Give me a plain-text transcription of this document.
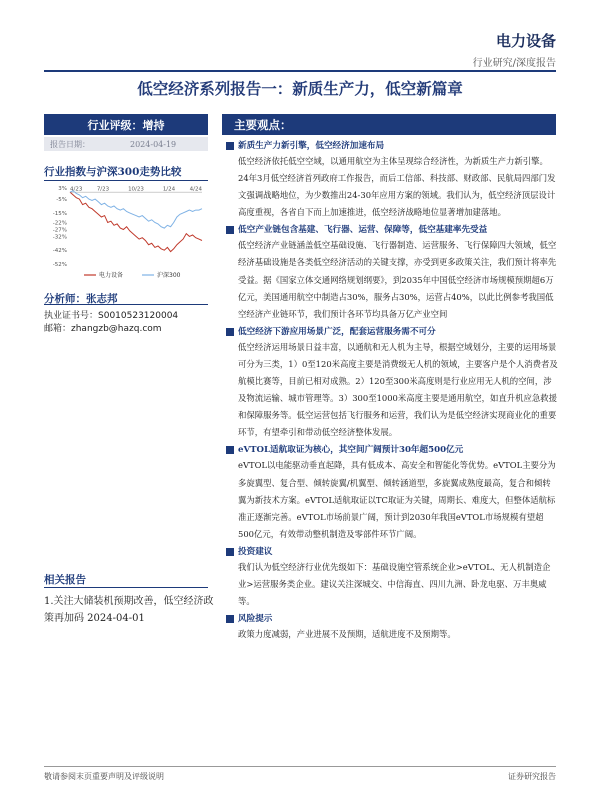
电力设备
行业研究/深度报告
低空经济系列报告一：新质生产力，低空新篇章
行业评级：增持
报告日期：	2024-04-19
行业指数与沪深300走势比较
3%
-5%
-15%
-22%
-27%
-32%
-42%
-52%
4/23	7/23	10/23	1/24	4/24
电力设备	沪深300
分析师：张志邦
执业证书号：S0010523120004
邮箱：zhangzb@hazq.com
相关报告
1.关注大储装机预期改善，低空经济政策再加码 2024-04-01
主要观点：
新质生产力新引擎，低空经济加速布局
低空经济依托低空空域，以通用航空为主体呈现综合经济性，为新质生产力新引擎。24年3月低空经济首列政府工作报告，而后工信部、科技部、财政部、民航局四部门发文强调战略地位，为少数推出24-30年应用方案的领域。我们认为，低空经济顶层设计高度重视，各省自下而上加速推进，低空经济战略地位显著增加建落地。
低空产业链包含基建、飞行器、运营、保障等，低空基建率先受益
低空经济产业链涵盖低空基础设施、飞行器制造、运营服务、飞行保障四大领域，低空经济基础设施是各类低空经济活动的关键支撑，亦受到更多政策关注，我们预计将率先受益。据《国家立体交通网络规划纲要》，到2035年中国低空经济市场规模预期超6万亿元，美国通用航空中制造占30%，服务占30%，运营占40%，以此比例参考我国低空经济产业链环节，我们预计各环节均具备万亿产业空间
低空经济下游应用场景广泛，配套运营服务需不可分
低空经济运用场景日益丰富，以通航和无人机为主导，根据空域划分，主要的运用场景可分为三类，1）0至120米高度主要是消费级无人机的领域，主要客户是个人消费者及航模比赛等，目前已相对成熟。2）120至300米高度则是行业应用无人机的空间，涉及物流运输、城市管理等。3）300至1000米高度主要是通用航空，如直升机应急救援和保障服务等。低空运营包括飞行服务和运营，我们认为是低空经济实现商业化的重要环节，有望牵引和带动低空经济整体发展。
eVTOL适航取证为核心，其空间广阔预计30年超500亿元
eVTOL以电能驱动垂直起降，具有低成本、高安全和智能化等优势。eVTOL主要分为多旋翼型、复合型、倾转旋翼/机翼型、倾转涵道型，多旋翼成熟度最高，复合和倾转翼为新技术方案。eVTOL适航取证以TC取证为关键，周期长、难度大，但整体适航标准正逐渐完善。eVTOL市场前景广阔，预计到2030年我国eVTOL市场规模有望超500亿元，有效带动整机制造及零部件环节广阔。
投资建议
我们认为低空经济行业优先级如下：基础设施空管系统企业>eVTOL、无人机制造企业>运营服务类企业。建议关注深城交、中信海直、四川九洲、卧龙电驱、万丰奥威等。
风险提示
政策力度减弱，产业进展不及预期，适航进度不及预期等。
敬请参阅末页重要声明及评级说明	证券研究报告
